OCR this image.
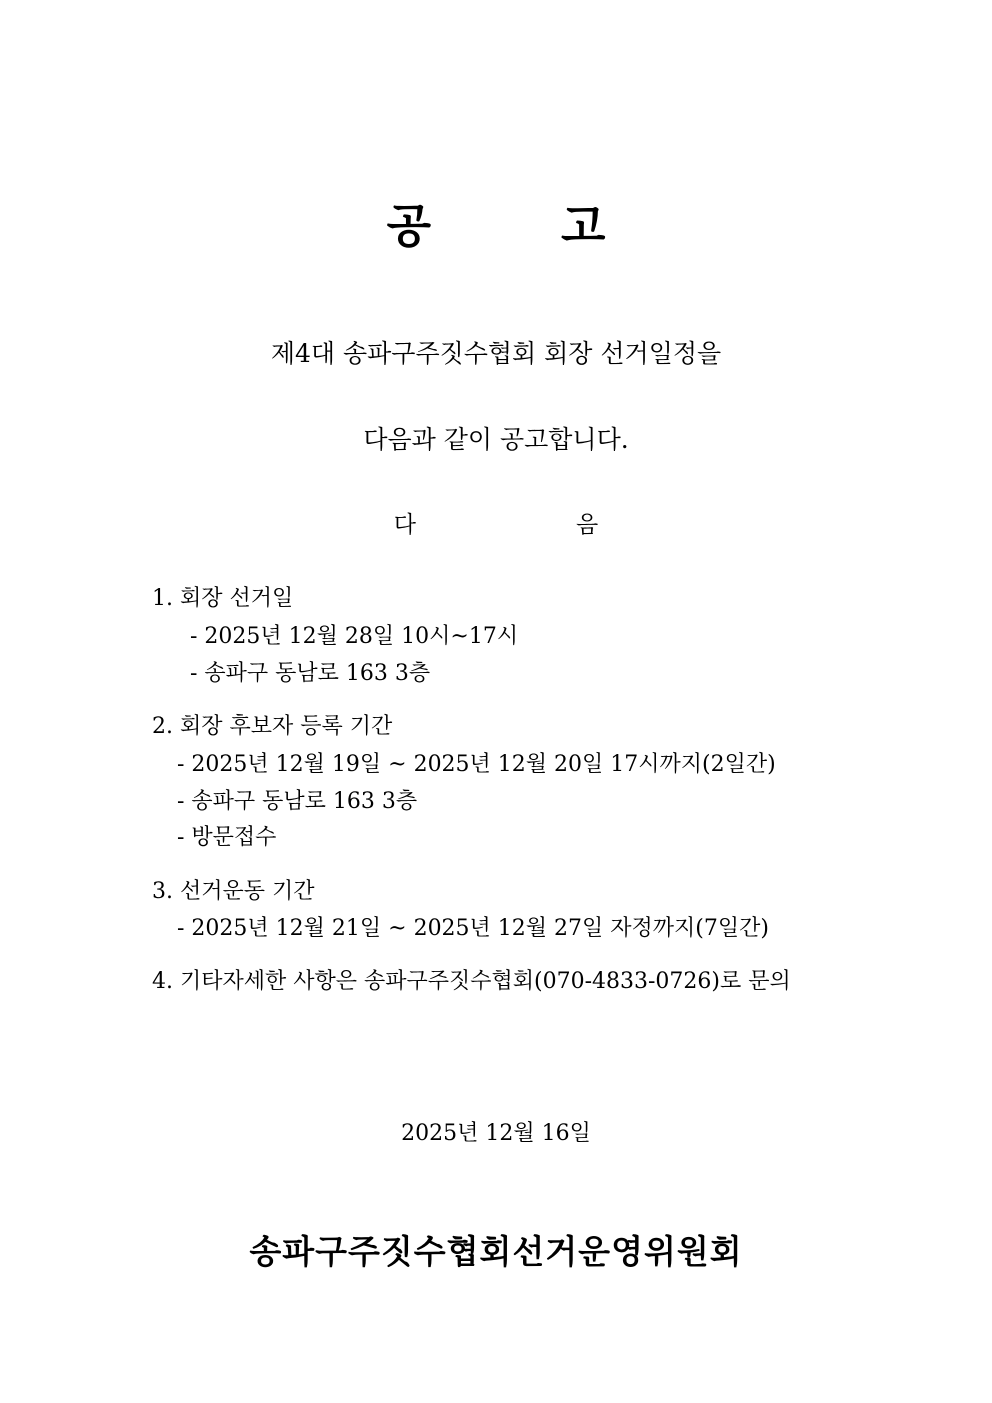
공	고
제4대 송파구주짓수협회 회장 선거일정을
다음과 같이 공고합니다.
다	음
1. 회장 선거일
- 2025년 12월 28일 10시~17시
- 송파구 동남로 163 3층
2. 회장 후보자 등록 기간
- 2025년 12월 19일 ~ 2025년 12월 20일 17시까지(2일간)
- 송파구 동남로 163 3층
- 방문접수
3. 선거운동 기간
- 2025년 12월 21일 ~ 2025년 12월 27일 자정까지(7일간)
4. 기타자세한 사항은 송파구주짓수협회(070-4833-0726)로 문의
2025년 12월 16일
송파구주짓수협회선거운영위원회
